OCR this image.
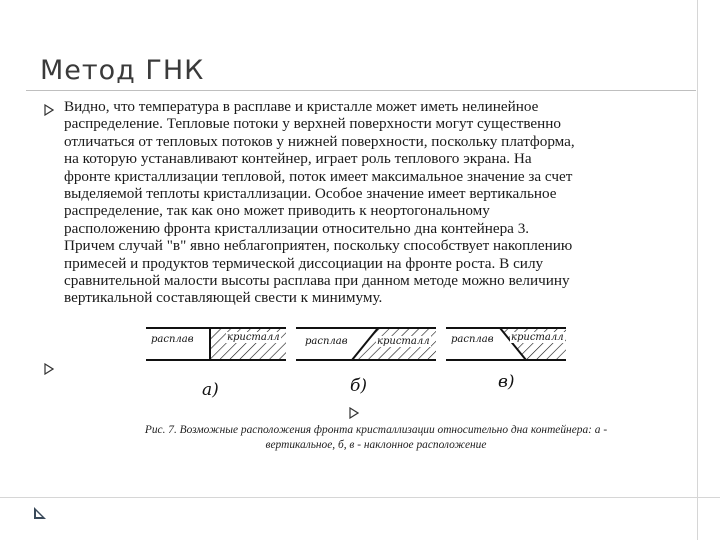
Метод ГНК
Видно, что температура в расплаве и кристалле может иметь нелинейное
распределение. Тепловые потоки у верхней поверхности могут существенно
отличаться от тепловых потоков у нижней поверхности, поскольку платформа,
на которую устанавливают контейнер, играет роль теплового экрана. На
фронте кристаллизации тепловой, поток имеет максимальное значение за счет
выделяемой теплоты кристаллизации. Особое значение имеет вертикальное
распределение, так как оно может приводить к неортогональному
расположению фронта кристаллизации относительно дна контейнера 3.
Причем случай "в" явно неблагоприятен, поскольку способствует накоплению
примесей и продуктов термической диссоциации на фронте роста. В силу
сравнительной малости высоты расплава при данном методе можно величину
вертикальной составляющей свести к минимуму.
расплав	кристалл	расплав	кристалл расплав кристалл
а)	б)	в)
Рис. 7. Возможные расположения фронта кристаллизации относительно дна контейнера: а -
вертикальное, б, в - наклонное расположение
